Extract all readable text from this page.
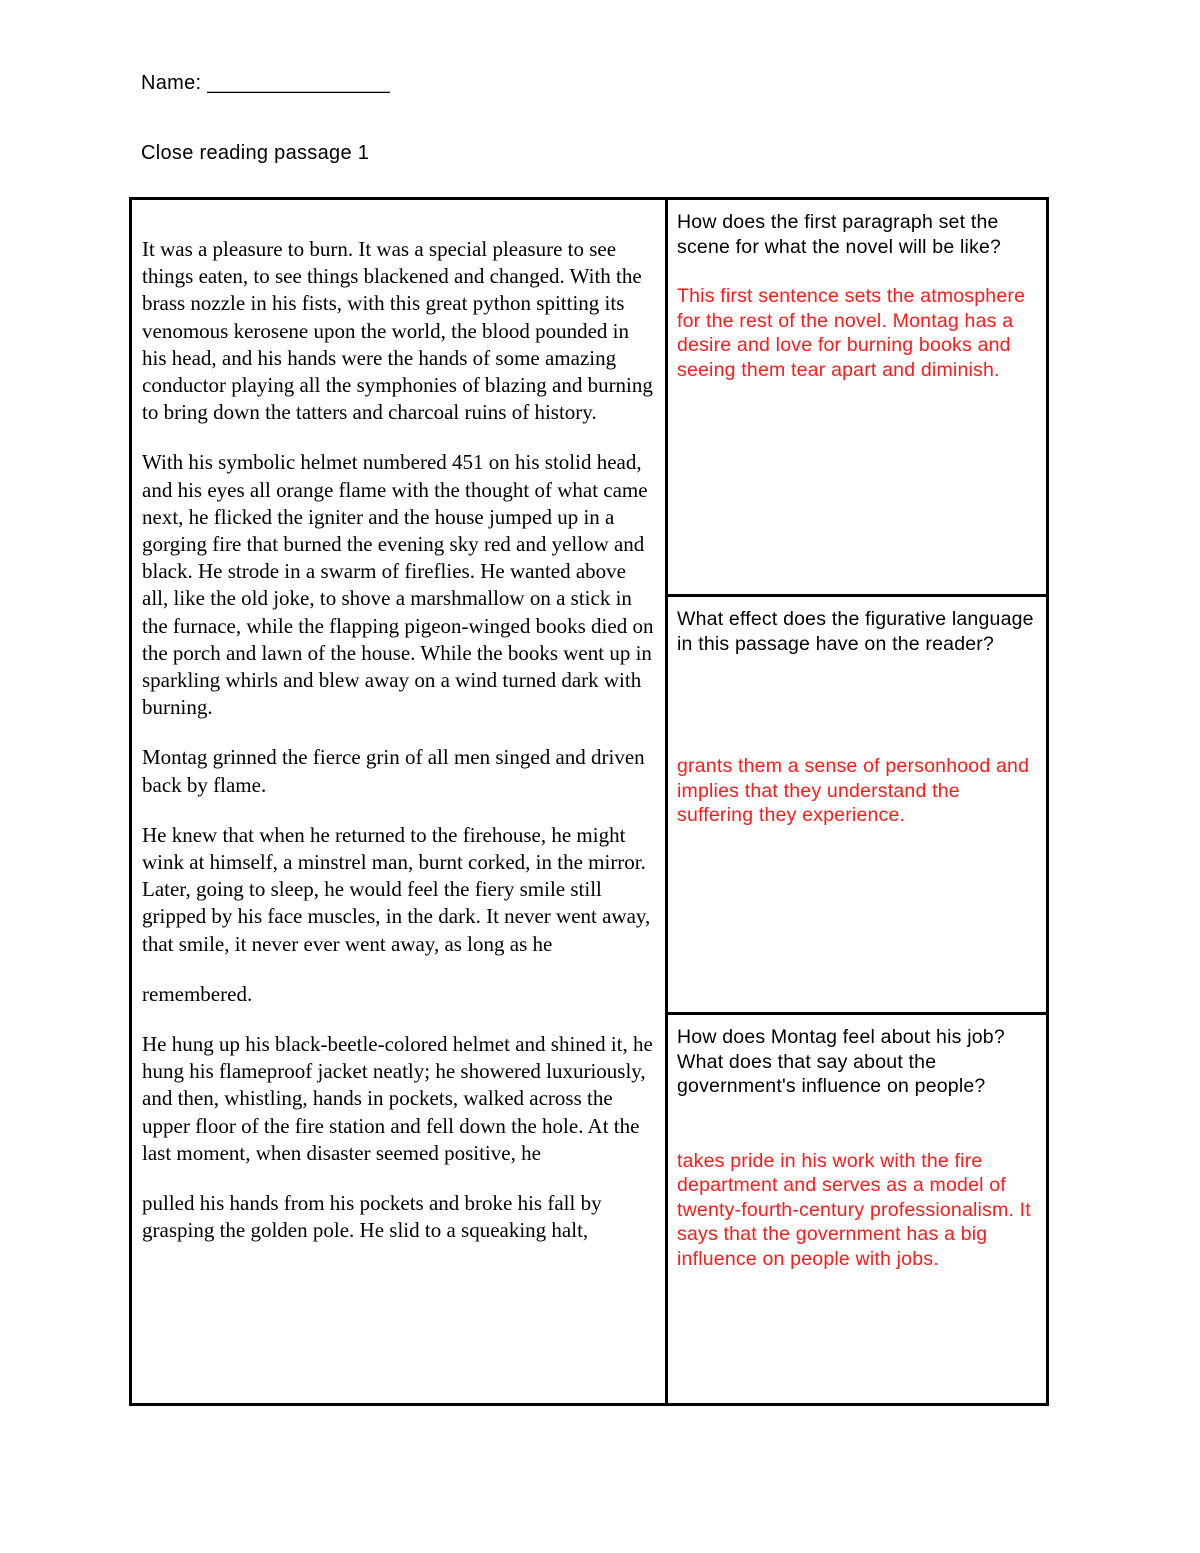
Name: ________________
Close reading passage 1

It was a pleasure to burn. It was a special pleasure to see things eaten, to see things blackened and changed. With the brass nozzle in his fists, with this great python spitting its venomous kerosene upon the world, the blood pounded in his head, and his hands were the hands of some amazing conductor playing all the symphonies of blazing and burning to bring down the tatters and charcoal ruins of history.

With his symbolic helmet numbered 451 on his stolid head, and his eyes all orange flame with the thought of what came next, he flicked the igniter and the house jumped up in a gorging fire that burned the evening sky red and yellow and black. He strode in a swarm of fireflies. He wanted above all, like the old joke, to shove a marshmallow on a stick in the furnace, while the flapping pigeon-winged books died on the porch and lawn of the house. While the books went up in sparkling whirls and blew away on a wind turned dark with burning.

Montag grinned the fierce grin of all men singed and driven back by flame.

He knew that when he returned to the firehouse, he might wink at himself, a minstrel man, burnt corked, in the mirror. Later, going to sleep, he would feel the fiery smile still gripped by his face muscles, in the dark. It never went away, that smile, it never ever went away, as long as he

remembered.

He hung up his black-beetle-colored helmet and shined it, he hung his flameproof jacket neatly; he showered luxuriously, and then, whistling, hands in pockets, walked across the upper floor of the fire station and fell down the hole. At the last moment, when disaster seemed positive, he

pulled his hands from his pockets and broke his fall by grasping the golden pole. He slid to a squeaking halt,

How does the first paragraph set the scene for what the novel will be like?
This first sentence sets the atmosphere for the rest of the novel. Montag has a desire and love for burning books and seeing them tear apart and diminish.
What effect does the figurative language in this passage have on the reader?
grants them a sense of personhood and implies that they understand the suffering they experience.
How does Montag feel about his job? What does that say about the government's influence on people?
takes pride in his work with the fire department and serves as a model of twenty-fourth-century professionalism. It says that the government has a big influence on people with jobs.
